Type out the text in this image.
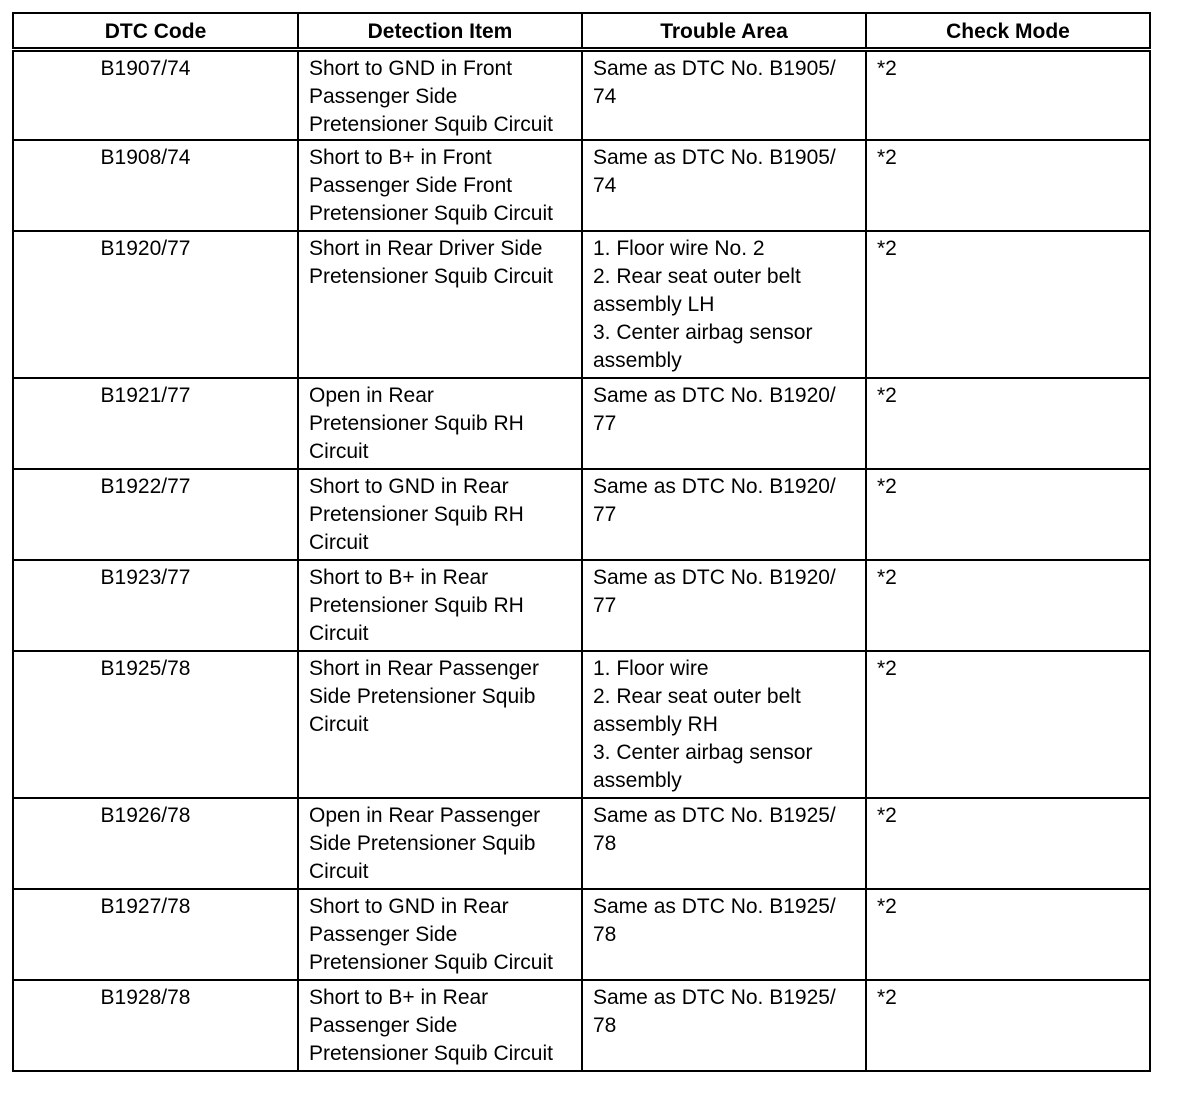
DTC Code	Detection Item	Trouble Area	Check Mode
B1907/74	Short to GND in Front
Passenger Side
Pretensioner Squib Circuit	Same as DTC No. B1905/
74	*2
B1908/74	Short to B+ in Front
Passenger Side Front
Pretensioner Squib Circuit	Same as DTC No. B1905/
74	*2
B1920/77	Short in Rear Driver Side
Pretensioner Squib Circuit	1. Floor wire No. 2
2. Rear seat outer belt
assembly LH
3. Center airbag sensor
assembly	*2
B1921/77	Open in Rear
Pretensioner Squib RH
Circuit	Same as DTC No. B1920/
77	*2
B1922/77	Short to GND in Rear
Pretensioner Squib RH
Circuit	Same as DTC No. B1920/
77	*2
B1923/77	Short to B+ in Rear
Pretensioner Squib RH
Circuit	Same as DTC No. B1920/
77	*2
B1925/78	Short in Rear Passenger
Side Pretensioner Squib
Circuit	1. Floor wire
2. Rear seat outer belt
assembly RH
3. Center airbag sensor
assembly	*2
B1926/78	Open in Rear Passenger
Side Pretensioner Squib
Circuit	Same as DTC No. B1925/
78	*2
B1927/78	Short to GND in Rear
Passenger Side
Pretensioner Squib Circuit	Same as DTC No. B1925/
78	*2
B1928/78	Short to B+ in Rear
Passenger Side
Pretensioner Squib Circuit	Same as DTC No. B1925/
78	*2
